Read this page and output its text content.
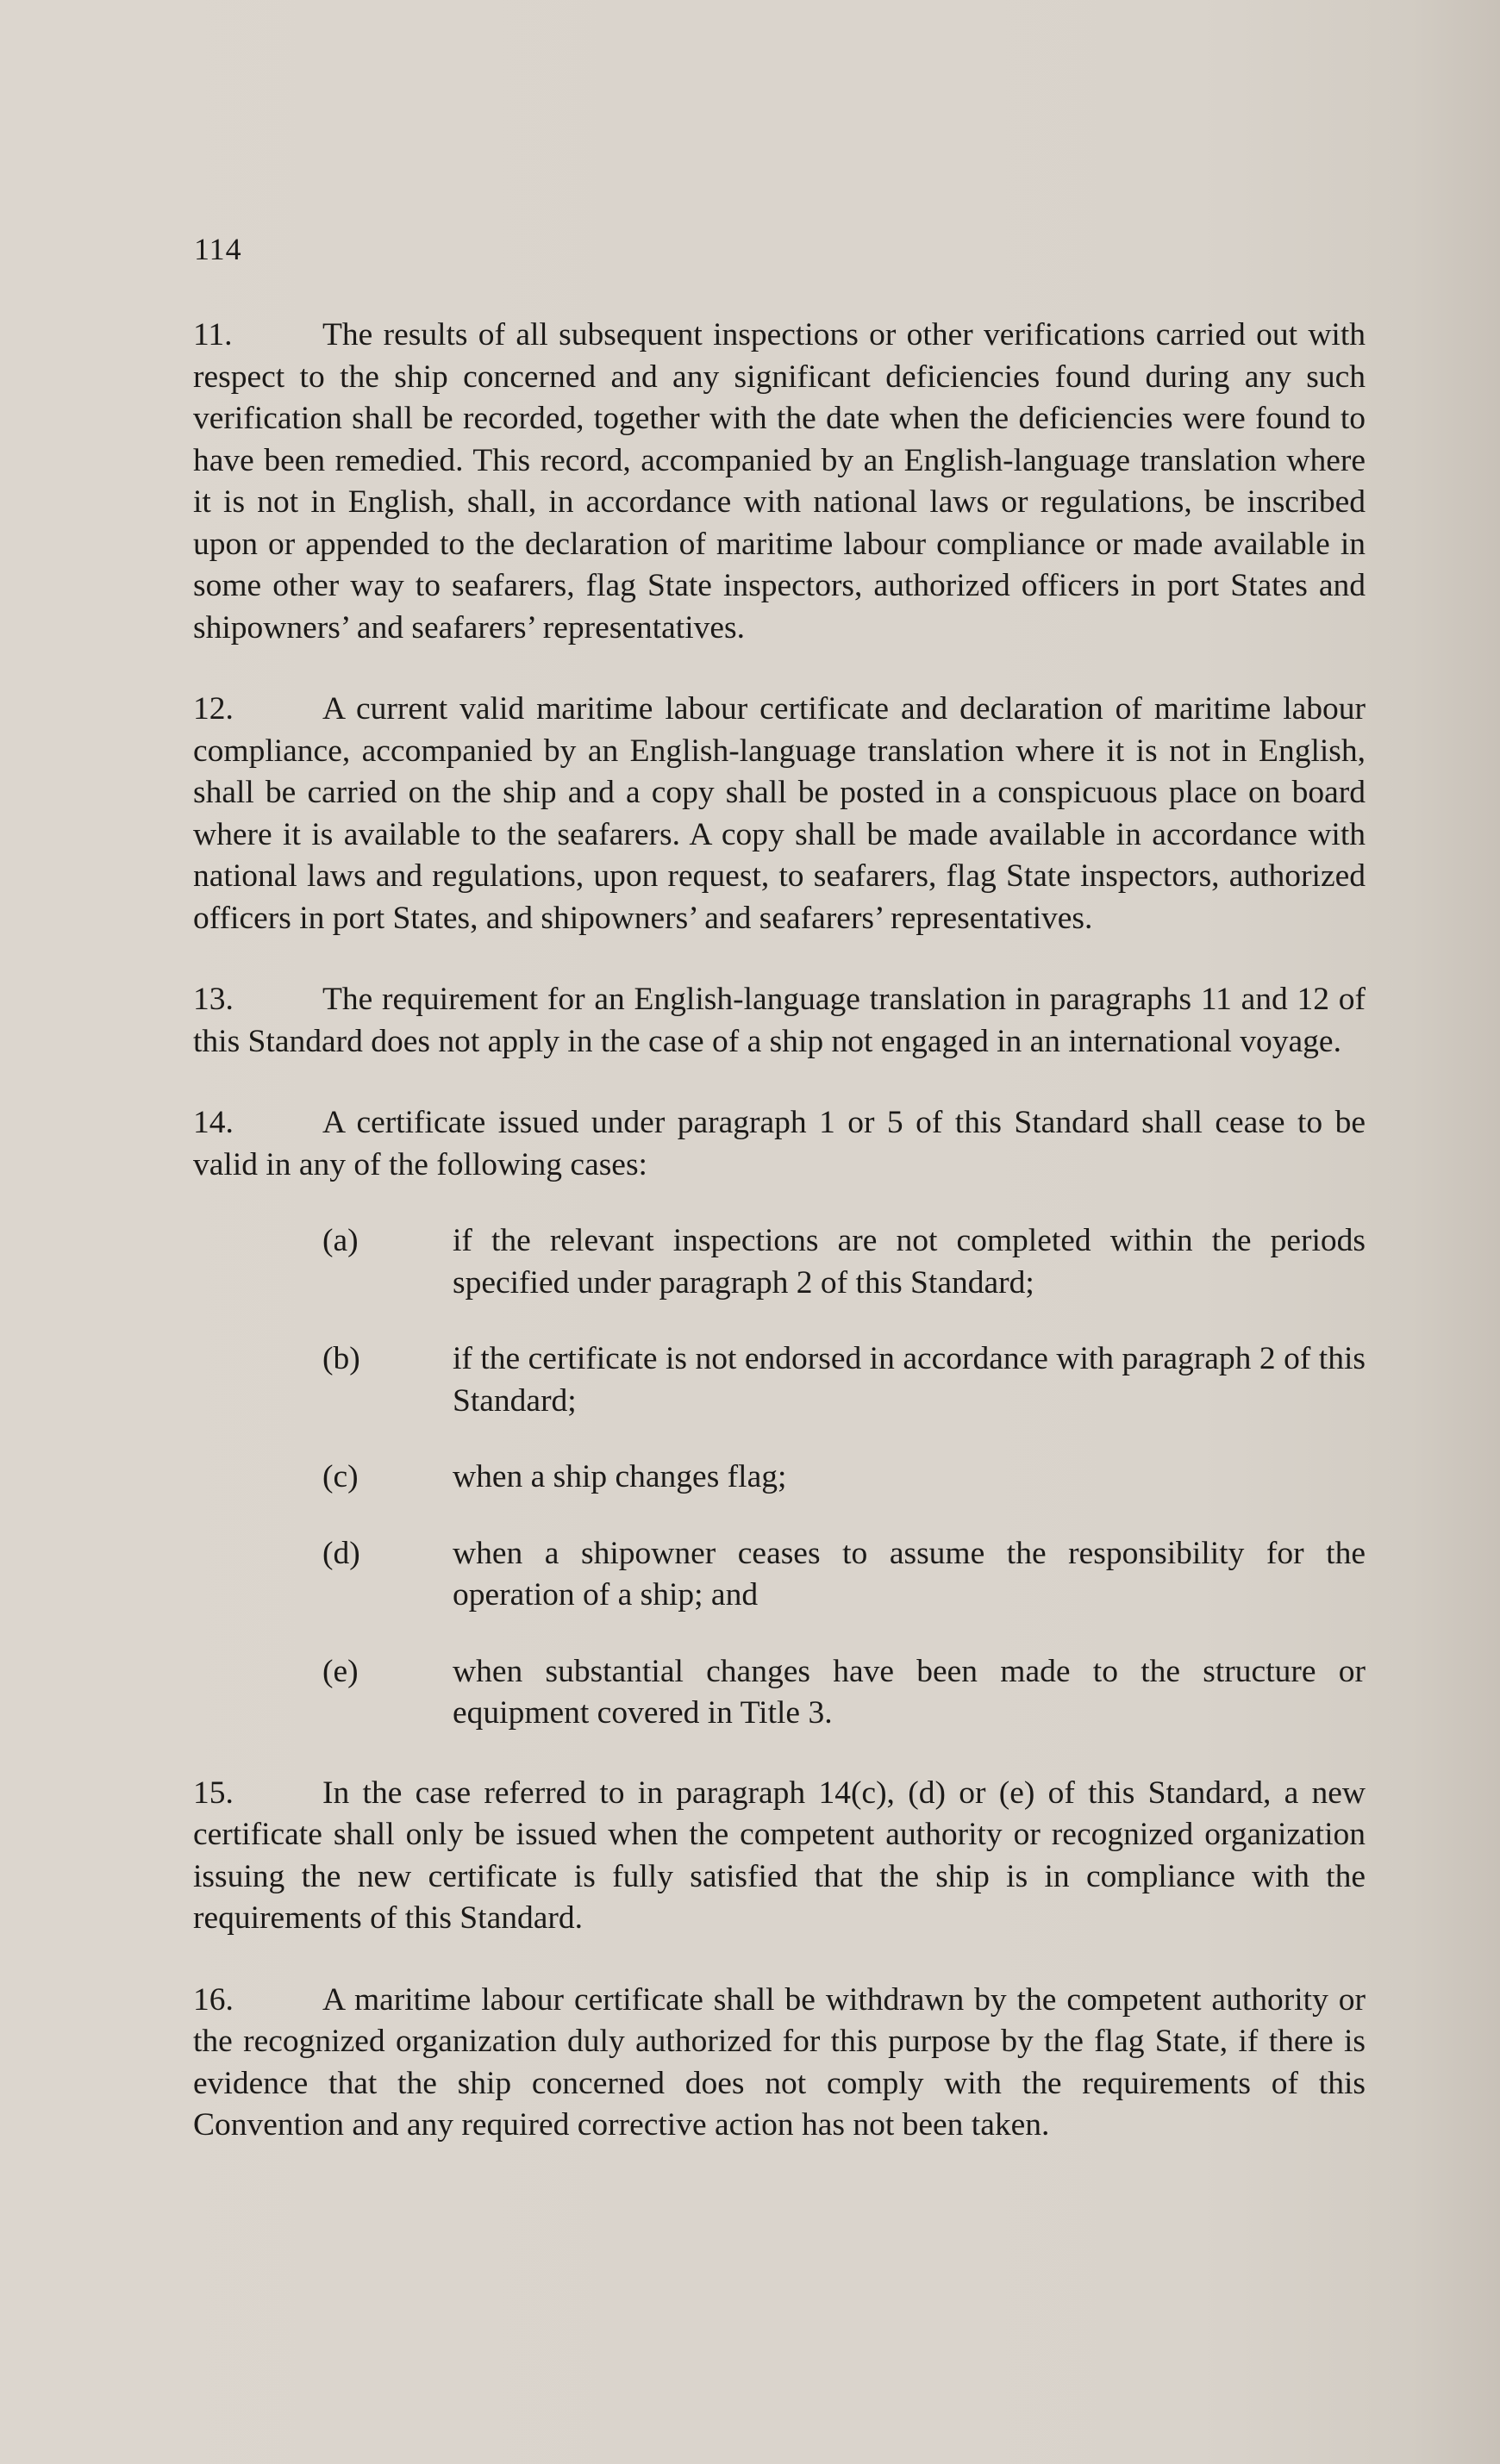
114

11.	The results of all subsequent inspections or other verifications carried out with respect to the ship concerned and any significant deficiencies found during any such verification shall be recorded, together with the date when the deficiencies were found to have been remedied. This record, accompanied by an English-language translation where it is not in English, shall, in accordance with national laws or regulations, be inscribed upon or appended to the declaration of maritime labour compliance or made available in some other way to seafarers, flag State inspectors, authorized officers in port States and shipowners’ and seafarers’ representatives.

12.	A current valid maritime labour certificate and declaration of maritime labour compliance, accompanied by an English-language translation where it is not in English, shall be carried on the ship and a copy shall be posted in a conspicuous place on board where it is available to the seafarers. A copy shall be made available in accordance with national laws and regulations, upon request, to seafarers, flag State inspectors, authorized officers in port States, and shipowners’ and seafarers’ representatives.

13.	The requirement for an English-language translation in paragraphs 11 and 12 of this Standard does not apply in the case of a ship not engaged in an international voyage.

14.	A certificate issued under paragraph 1 or 5 of this Standard shall cease to be valid in any of the following cases:

(a)	if the relevant inspections are not completed within the periods specified under paragraph 2 of this Standard;
(b)	if the certificate is not endorsed in accordance with paragraph 2 of this Standard;
(c)	when a ship changes flag;
(d)	when a shipowner ceases to assume the responsibility for the operation of a ship; and
(e)	when substantial changes have been made to the structure or equipment covered in Title 3.

15.	In the case referred to in paragraph 14(c), (d) or (e) of this Standard, a new certificate shall only be issued when the competent authority or recognized organization issuing the new certificate is fully satisfied that the ship is in compliance with the requirements of this Standard.

16.	A maritime labour certificate shall be withdrawn by the competent authority or the recognized organization duly authorized for this purpose by the flag State, if there is evidence that the ship concerned does not comply with the requirements of this Convention and any required corrective action has not been taken.
